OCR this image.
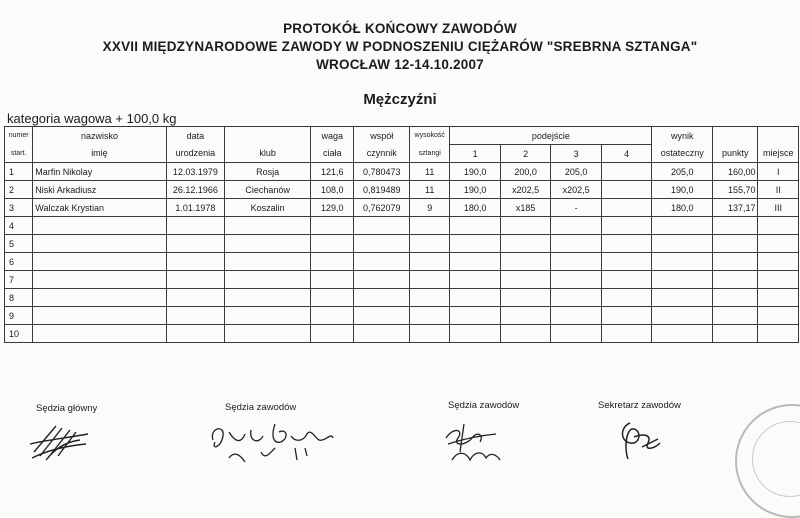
PROTOKÓŁ KOŃCOWY ZAWODÓW
XXVII MIĘDZYNARODOWE ZAWODY W PODNOSZENIU CIĘŻARÓW "SREBRNA SZTANGA"
WROCŁAW 12-14.10.2007
Mężczyźni
kategoria wagowa + 100,0 kg
numer	nazwisko	data		waga	współ	wysokość	podejście				wynik		
start.	imię	urodzenia	klub	ciała	czynnik	sztangi	1	2	3	4	ostateczny	punkty	miejsce
1	Marfin Nikolay	12.03.1979	Rosja	121,6	0,780473	11	190,0	200,0	205,0		205,0	160,00	I
2	Niski Arkadiusz	26.12.1966	Ciechanów	108,0	0,819489	11	190,0	x202,5	x202,5		190,0	155,70	II
3	Walczak Krystian	1.01.1978	Koszalin	129,0	0,762079	9	180,0	x185	-		180,0	137,17	III
4													
5													
6													
7													
8													
9													
10													
Sędzia główny	Sędzia zawodów	Sędzia zawodów	Sekretarz zawodów
